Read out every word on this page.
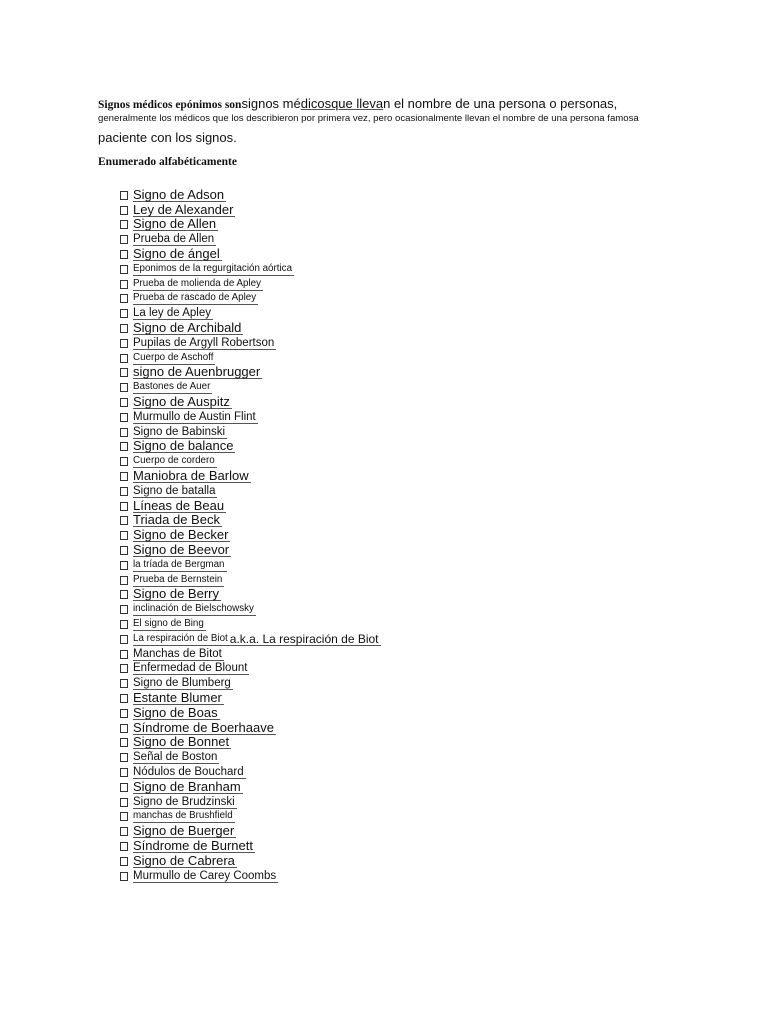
Signos médicos epónimos sonsignos médicosque llevan el nombre de una persona o personas,
generalmente los médicos que los describieron por primera vez, pero ocasionalmente llevan el nombre de una persona famosa
paciente con los signos.
Enumerado alfabéticamente
Signo de Adson
Ley de Alexander
Signo de Allen
Prueba de Allen
Signo de ángel
Eponimos de la regurgitación aórtica
Prueba de molienda de Apley
Prueba de rascado de Apley
La ley de Apley
Signo de Archibald
Pupilas de Argyll Robertson
Cuerpo de Aschoff
signo de Auenbrugger
Bastones de Auer
Signo de Auspitz
Murmullo de Austin Flint
Signo de Babinski
Signo de balance
Cuerpo de cordero
Maniobra de Barlow
Signo de batalla
Líneas de Beau
Triada de Beck
Signo de Becker
Signo de Beevor
la tríada de Bergman
Prueba de Bernstein
Signo de Berry
inclinación de Bielschowsky
El signo de Bing
La respiración de Biot a.k.a. La respiración de Biot
Manchas de Bitot
Enfermedad de Blount
Signo de Blumberg
Estante Blumer
Signo de Boas
Síndrome de Boerhaave
Signo de Bonnet
Señal de Boston
Nódulos de Bouchard
Signo de Branham
Signo de Brudzinski
manchas de Brushfield
Signo de Buerger
Síndrome de Burnett
Signo de Cabrera
Murmullo de Carey Coombs
